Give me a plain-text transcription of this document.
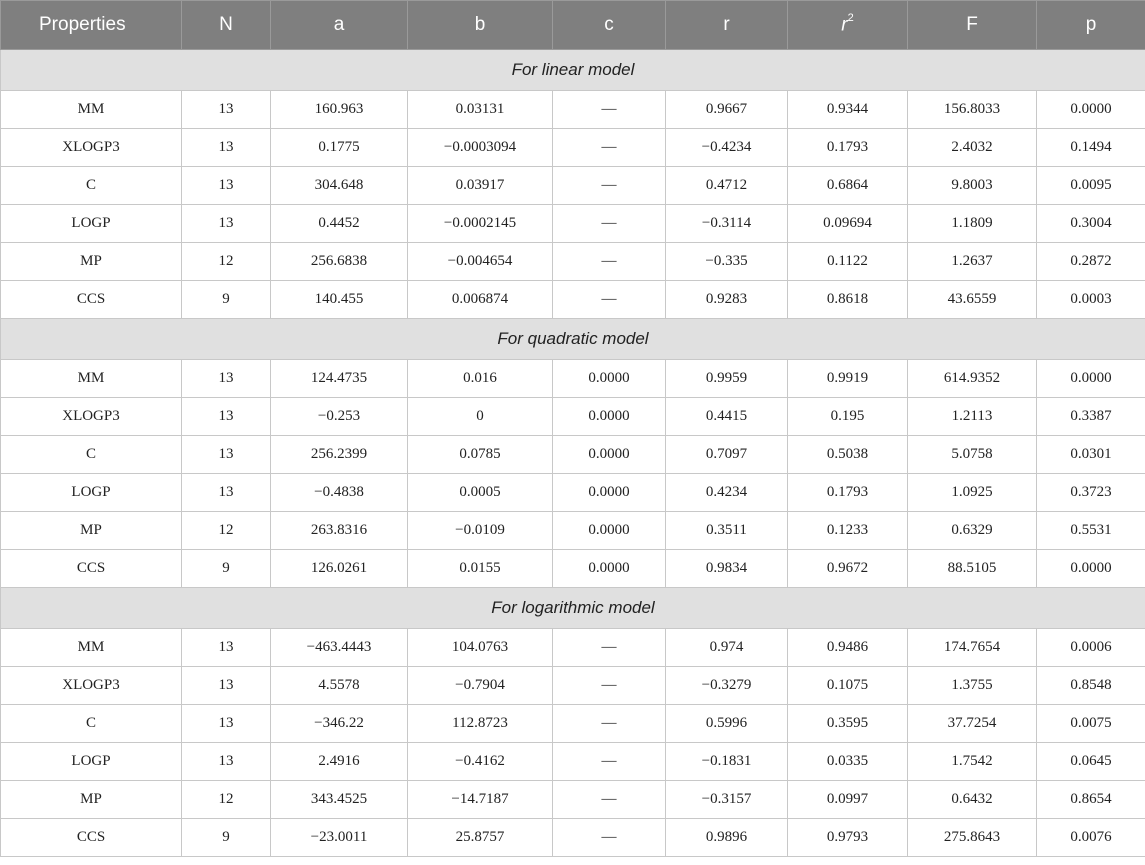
Properties	N	a	b	c	r	$r^2$	F	p
For linear model								
MM	13	160.963	0.03131	—	0.9667	0.9344	156.8033	0.0000
XLOGP3	13	0.1775	−0.0003094	—	−0.4234	0.1793	2.4032	0.1494
C	13	304.648	0.03917	—	0.4712	0.6864	9.8003	0.0095
LOGP	13	0.4452	−0.0002145	—	−0.3114	0.09694	1.1809	0.3004
MP	12	256.6838	−0.004654	—	−0.335	0.1122	1.2637	0.2872
CCS	9	140.455	0.006874	—	0.9283	0.8618	43.6559	0.0003
For quadratic model								
MM	13	124.4735	0.016	0.0000	0.9959	0.9919	614.9352	0.0000
XLOGP3	13	−0.253	0	0.0000	0.4415	0.195	1.2113	0.3387
C	13	256.2399	0.0785	0.0000	0.7097	0.5038	5.0758	0.0301
LOGP	13	−0.4838	0.0005	0.0000	0.4234	0.1793	1.0925	0.3723
MP	12	263.8316	−0.0109	0.0000	0.3511	0.1233	0.6329	0.5531
CCS	9	126.0261	0.0155	0.0000	0.9834	0.9672	88.5105	0.0000
For logarithmic model								
MM	13	−463.4443	104.0763	—	0.974	0.9486	174.7654	0.0006
XLOGP3	13	4.5578	−0.7904	—	−0.3279	0.1075	1.3755	0.8548
C	13	−346.22	112.8723	—	0.5996	0.3595	37.7254	0.0075
LOGP	13	2.4916	−0.4162	—	−0.1831	0.0335	1.7542	0.0645
MP	12	343.4525	−14.7187	—	−0.3157	0.0997	0.6432	0.8654
CCS	9	−23.0011	25.8757	—	0.9896	0.9793	275.8643	0.0076
